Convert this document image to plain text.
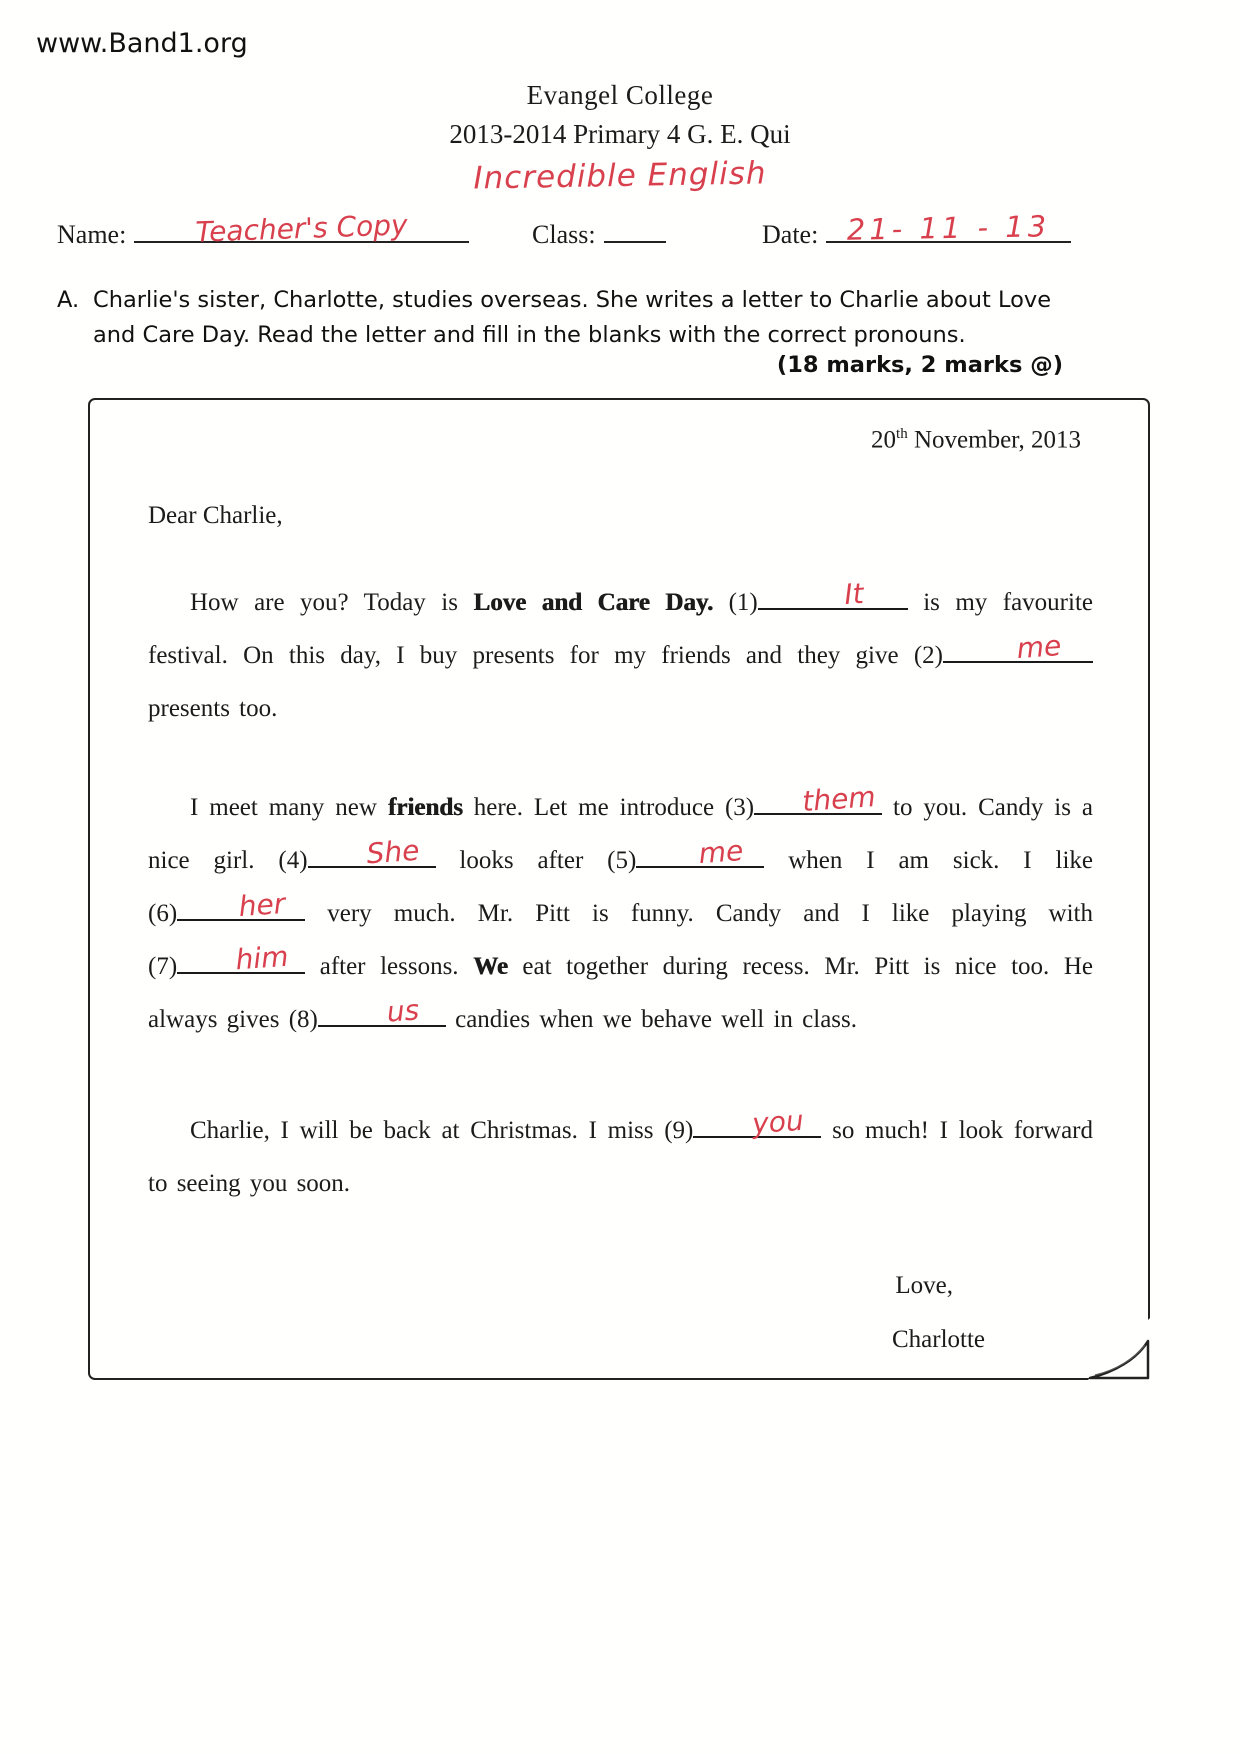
www.Band1.org
Evangel College
2013-2014 Primary 4 G. E. Qui
Incredible English
Name:	Teacher's Copy	Class:	Date: 21- 11 - 13
A. Charlie's sister, Charlotte, studies overseas. She writes a letter to Charlie about Love and Care Day. Read the letter and fill in the blanks with the correct pronouns.
(18 marks, 2 marks @)
20th November, 2013
Dear Charlie,

How are you? Today is Love and Care Day. (1)	It	is my favourite festival. On this day, I buy presents for my friends and they give (2)	me
presents too.

I meet many new friends here. Let me introduce (3)	them to you. Candy is a nice girl. (4)	She looks after (5)	me when I am sick. I like (6)	her very much. Mr. Pitt is funny. Candy and I like playing with (7)	him after lessons. We eat together during recess. Mr. Pitt is nice too. He always gives (8)	us	candies when we behave well in class.

Charlie, I will be back at Christmas. I miss (9)	you so much! I look forward to seeing you soon.

Love,
Charlotte
